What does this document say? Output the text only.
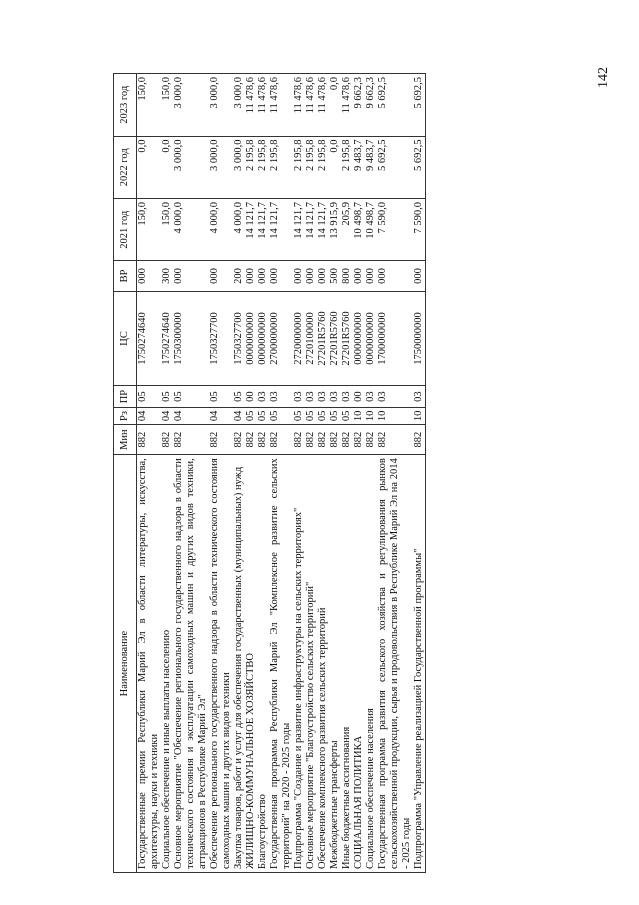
142
Наименование	Мин	Рз	ПР	ЦС	ВР	2021 год	2022 год	2023 год
Государственные премии Республики Марий Эл в области литературы, искусства, архитектуры, науки и техники	882	04	05	1750274640	000	150,0	0,0	150,0
Социальное обеспечение и иные выплаты населению	882	04	05	1750274640	300	150,0	0,0	150,0
Основное мероприятие "Обеспечение регионального государственного надзора в области технического состояния и эксплуатации самоходных машин и других видов техники, аттракционов в Республике Марий Эл"	882	04	05	1750300000	000	4 000,0	3 000,0	3 000,0
Обеспечение регионального государственного надзора в области технического состояния самоходных машин и других видов техники	882	04	05	1750327700	000	4 000,0	3 000,0	3 000,0
Закупка товаров, работ и услуг для обеспечения государственных (муниципальных) нужд	882	04	05	1750327700	200	4 000,0	3 000,0	3 000,0
ЖИЛИЩНО-КОММУНАЛЬНОЕ ХОЗЯЙСТВО	882	05	00	0000000000	000	14 121,7	2 195,8	11 478,6
Благоустройство	882	05	03	0000000000	000	14 121,7	2 195,8	11 478,6
Государственная программа Республики Марий Эл "Комплексное развитие сельских территорий" на 2020 - 2025 годы	882	05	03	2700000000	000	14 121,7	2 195,8	11 478,6
Подпрограмма "Создание и развитие инфраструктуры на сельских территориях"	882	05	03	2720000000	000	14 121,7	2 195,8	11 478,6
Основное мероприятие "Благоустройство сельских территорий"	882	05	03	2720100000	000	14 121,7	2 195,8	11 478,6
Обеспечение комплексного развития сельских территорий	882	05	03	27201R5760	000	14 121,7	2 195,8	11 478,6
Межбюджетные трансферты	882	05	03	27201R5760	500	13 915,9	0,0	0,0
Иные бюджетные ассигнования	882	05	03	27201R5760	800	205,9	2 195,8	11 478,6
СОЦИАЛЬНАЯ ПОЛИТИКА	882	10	00	0000000000	000	10 498,7	9 483,7	9 662,3
Социальное обеспечение населения	882	10	03	0000000000	000	10 498,7	9 483,7	9 662,3
Государственная программа развития сельского хозяйства и регулирования рынков сельскохозяйственной продукции, сырья и продовольствия в Республике Марий Эл на 2014 - 2025 годы	882	10	03	1700000000	000	7 590,0	5 692,5	5 692,5
Подпрограмма "Управление реализацией Государственной программы"	882	10	03	1750000000	000	7 590,0	5 692,5	5 692,5
